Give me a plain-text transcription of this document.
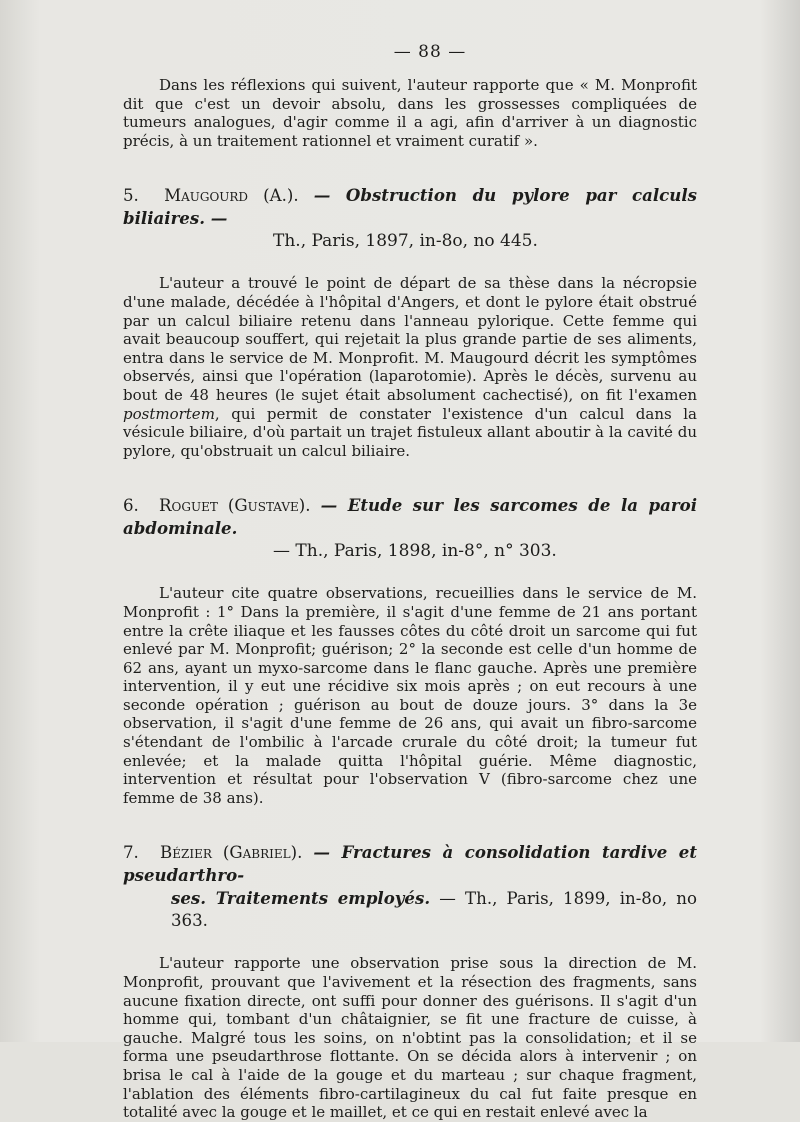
— 88 —

Dans les réflexions qui suivent, l'auteur rapporte que « M. Monprofit dit que c'est un devoir absolu, dans les grossesses compliquées de tumeurs analogues, d'agir comme il a agi, afin d'arriver à un diagnostic précis, à un traitement rationnel et vraiment curatif ».

5. Maugourd (A.). — Obstruction du pylore par calculs biliaires. —
Th., Paris, 1897, in-8o, no 445.

L'auteur a trouvé le point de départ de sa thèse dans la nécropsie d'une malade, décédée à l'hôpital d'Angers, et dont le pylore était obstrué par un calcul biliaire retenu dans l'anneau pylorique. Cette femme qui avait beaucoup souffert, qui rejetait la plus grande partie de ses aliments, entra dans le service de M. Monprofit. M. Maugourd décrit les symptômes observés, ainsi que l'opération (laparotomie). Après le décès, survenu au bout de 48 heures (le sujet était absolument cachectisé), on fit l'examen postmortem, qui permit de constater l'existence d'un calcul dans la vésicule biliaire, d'où partait un trajet fistuleux allant aboutir à la cavité du pylore, qu'obstruait un calcul biliaire.

6. Roguet (Gustave). — Etude sur les sarcomes de la paroi abdominale.
— Th., Paris, 1898, in-8°, n° 303.

L'auteur cite quatre observations, recueillies dans le service de M. Monprofit : 1° Dans la première, il s'agit d'une femme de 21 ans portant entre la crête iliaque et les fausses côtes du côté droit un sarcome qui fut enlevé par M. Monprofit; guérison; 2° la seconde est celle d'un homme de 62 ans, ayant un myxo-sarcome dans le flanc gauche. Après une première intervention, il y eut une récidive six mois après ; on eut recours à une seconde opération ; guérison au bout de douze jours. 3° dans la 3e observation, il s'agit d'une femme de 26 ans, qui avait un fibro-sarcome s'étendant de l'ombilic à l'arcade crurale du côté droit; la tumeur fut enlevée; et la malade quitta l'hôpital guérie. Même diagnostic, intervention et résultat pour l'observation V (fibro-sarcome chez une femme de 38 ans).

7. Bézier (Gabriel). — Fractures à consolidation tardive et pseudarthro-
ses. Traitements employés. — Th., Paris, 1899, in-8o, no 363.

L'auteur rapporte une observation prise sous la direction de M. Monprofit, prouvant que l'avivement et la résection des fragments, sans aucune fixation directe, ont suffi pour donner des guérisons. Il s'agit d'un homme qui, tombant d'un châtaignier, se fit une fracture de cuisse, à gauche. Malgré tous les soins, on n'obtint pas la consolidation; et il se forma une pseudarthrose flottante. On se décida alors à intervenir ; on brisa le cal à l'aide de la gouge et du marteau ; sur chaque fragment, l'ablation des éléments fibro-cartilagineux du cal fut faite presque en totalité avec la gouge et le maillet, et ce qui en restait enlevé avec la
